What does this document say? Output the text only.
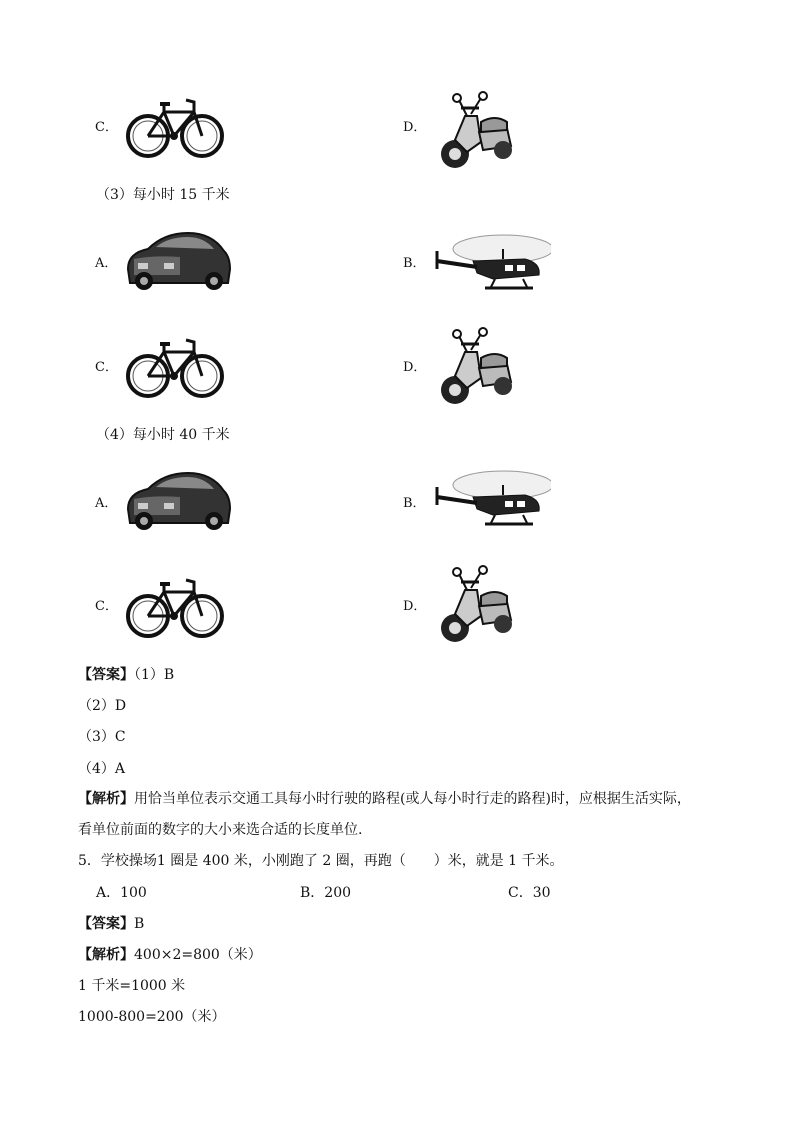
C．	D．
（3）每小时 15 千米
A．	B．
C．	D．
（4）每小时 40 千米
A．	B．
C．	D．
【答案】（1）B
（2）D
（3）C
（4）A
【解析】用恰当单位表示交通工具每小时行驶的路程(或人每小时行走的路程)时，应根据生活实际，
看单位前面的数字的大小来选合适的长度单位.
5．学校操场1 圈是 400 米，小刚跑了 2 圈，再跑（　　）米，就是 1 千米。
A．100	B．200	C．30
【答案】B
【解析】400×2=800（米）
1 千米=1000 米
1000-800=200（米）
